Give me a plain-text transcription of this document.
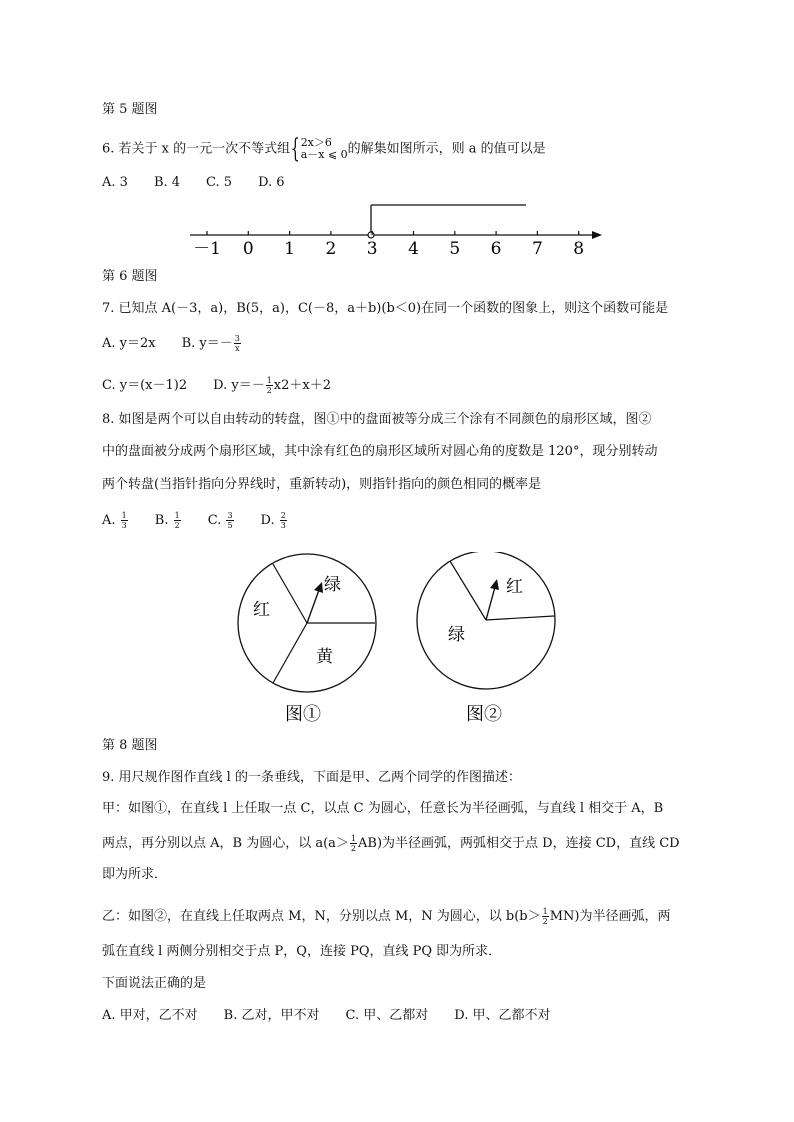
第 5 题图
6. 若关于 x 的一元一次不等式组 { 2x＞6
a－x ⩽ 0 的解集如图所示，则 a 的值可以是
A. 3 B. 4 C. 5 D. 6
－1 0 1 2 3 4 5 6 7 8
第 6 题图
7. 已知点 A(－3，a)，B(5，a)，C(－8，a＋b)(b＜0)在同一个函数的图象上，则这个函数可能是
A. y＝2x B. $y=- \frac{3}{x}$
C. y＝(x－1)2 D. $y=- \frac{1}{2} x2+x+2$
8. 如图是两个可以自由转动的转盘，图①中的盘面被等分成三个涂有不同颜色的扇形区域，图②
中的盘面被分成两个扇形区域，其中涂有红色的扇形区域所对圆心角的度数是 120°，现分别转动
两个转盘(当指针指向分界线时，重新转动)，则指针指向的颜色相同的概率是
A. $\frac{1}{3} B$. $\frac{1}{2} C$. $\frac{3}{5} D$. $\frac{2}{3}$
绿
红
黄
图①
红
绿
图②
第 8 题图
9. 用尺规作图作直线 l 的一条垂线，下面是甲、乙两个同学的作图描述：
甲：如图①，在直线 l 上任取一点 C，以点 C 为圆心，任意长为半径画弧，与直线 l 相交于 A，B
两点，再分别以点 A，B 为圆心，以 $a(a> \frac{1}{2} AB)$为半径画弧，两弧相交于点 D，连接 CD，直线 CD
即为所求．
乙：如图②，在直线上任取两点 M，N，分别以点 M，N 为圆心，以 $b(b> \frac{1}{2} MN)$为半径画弧，两
弧在直线 l 两侧分别相交于点 P，Q，连接 PQ，直线 PQ 即为所求．
下面说法正确的是
A. 甲对，乙不对 B. 乙对，甲不对 C. 甲、乙都对 D. 甲、乙都不对
